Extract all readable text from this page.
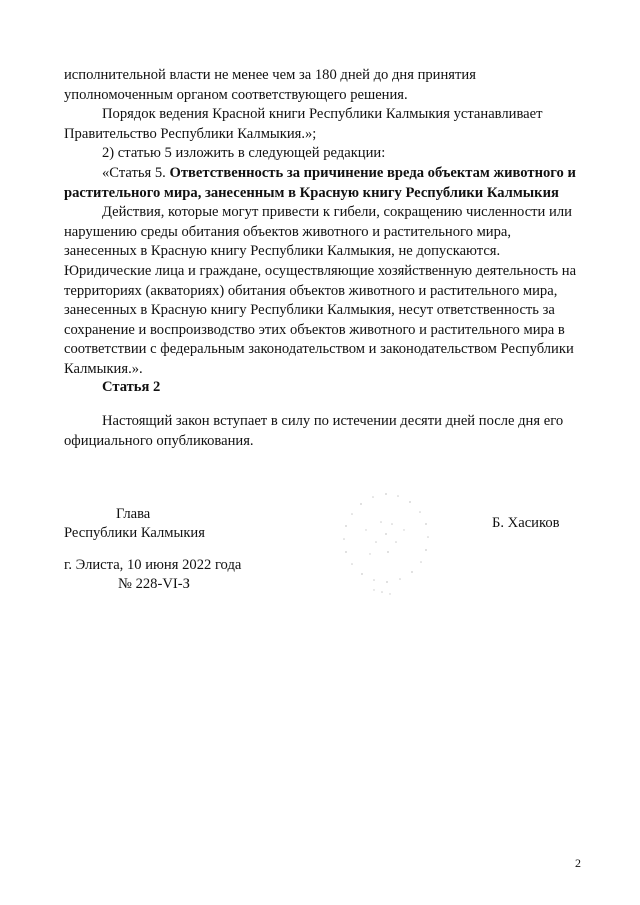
исполнительной власти не менее чем за 180 дней до дня принятия уполномоченным органом соответствующего решения.

Порядок ведения Красной книги Республики Калмыкия устанавливает Правительство Республики Калмыкия.»;

2) статью 5 изложить в следующей редакции:

«Статья 5. Ответственность за причинение вреда объектам животного и растительного мира, занесенным в Красную книгу Республики Калмыкия

Действия, которые могут привести к гибели, сокращению численности или нарушению среды обитания объектов животного и растительного мира, занесенных в Красную книгу Республики Калмыкия, не допускаются. Юридические лица и граждане, осуществляющие хозяйственную деятельность на территориях (акваториях) обитания объектов животного и растительного мира, занесенных в Красную книгу Республики Калмыкия, несут ответственность за сохранение и воспроизводство этих объектов животного и растительного мира в соответствии с федеральным законодательством и законодательством Республики Калмыкия.».

Статья 2

Настоящий закон вступает в силу по истечении десяти дней после дня его официального опубликования.

Глава
Республики Калмыкия
Б. Хасиков
г. Элиста, 10 июня 2022 года
№ 228-VI-З
2
